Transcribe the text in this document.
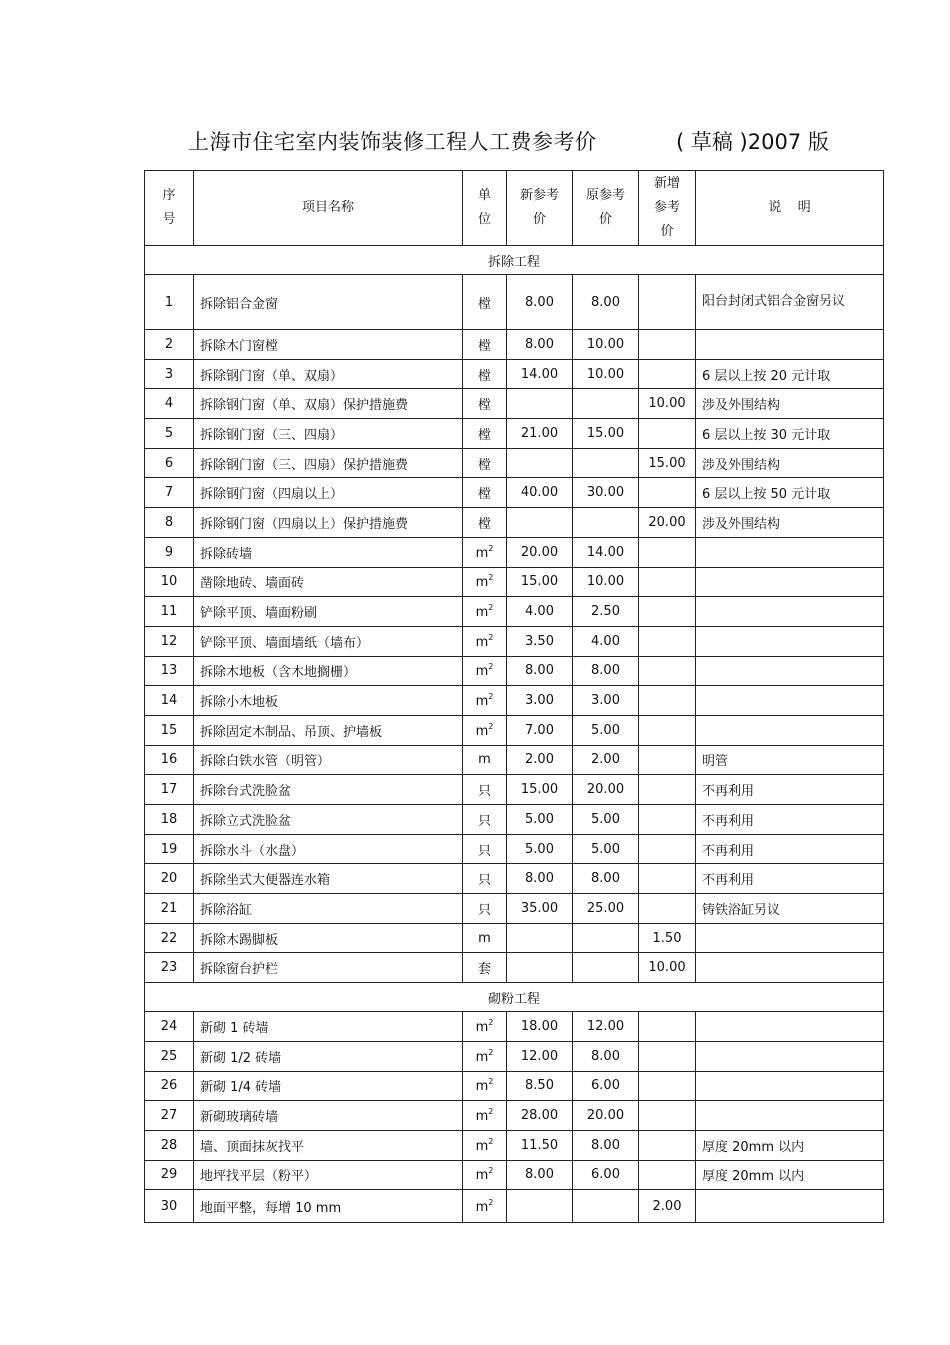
上海市住宅室内装饰装修工程人工费参考价	( 草稿 )2007 版
序号	项目名称	单位	新参考价	原参考价	新增参考价	说    明
拆除工程						
1	拆除铝合金窗	樘	8.00	8.00		阳台封闭式铝合金窗另议
2	拆除木门窗樘	樘	8.00	10.00		
3	拆除钢门窗（单、双扇）	樘	14.00	10.00		6 层以上按 20 元计取
4	拆除钢门窗（单、双扇）保护措施费	樘			10.00	涉及外围结构
5	拆除钢门窗（三、四扇）	樘	21.00	15.00		6 层以上按 30 元计取
6	拆除钢门窗（三、四扇）保护措施费	樘			15.00	涉及外围结构
7	拆除钢门窗（四扇以上）	樘	40.00	30.00		6 层以上按 50 元计取
8	拆除钢门窗（四扇以上）保护措施费	樘			20.00	涉及外围结构
9	拆除砖墙	$m^2$	20.00	14.00		
10	凿除地砖、墙面砖	$m^2$	15.00	10.00		
11	铲除平顶、墙面粉刷	$m^2$	4.00	2.50		
12	铲除平顶、墙面墙纸（墙布）	$m^2$	3.50	4.00		
13	拆除木地板（含木地搁栅）	$m^2$	8.00	8.00		
14	拆除小木地板	$m^2$	3.00	3.00		
15	拆除固定木制品、吊顶、护墙板	$m^2$	7.00	5.00		
16	拆除白铁水管（明管）	m	2.00	2.00		明管
17	拆除台式洗脸盆	只	15.00	20.00		不再利用
18	拆除立式洗脸盆	只	5.00	5.00		不再利用
19	拆除水斗（水盘）	只	5.00	5.00		不再利用
20	拆除坐式大便器连水箱	只	8.00	8.00		不再利用
21	拆除浴缸	只	35.00	25.00		铸铁浴缸另议
22	拆除木踢脚板	m			1.50	
23	拆除窗台护栏	套			10.00	
砌粉工程						
24	新砌 1 砖墙	$m^2$	18.00	12.00		
25	新砌 1/2 砖墙	$m^2$	12.00	8.00		
26	新砌 1/4 砖墙	$m^2$	8.50	6.00		
27	新砌玻璃砖墙	$m^2$	28.00	20.00		
28	墙、顶面抹灰找平	$m^2$	11.50	8.00		厚度 20mm 以内
29	地坪找平层（粉平）	$m^2$	8.00	6.00		厚度 20mm 以内
30	地面平整，每增 10 mm	$m^2$			2.00	
